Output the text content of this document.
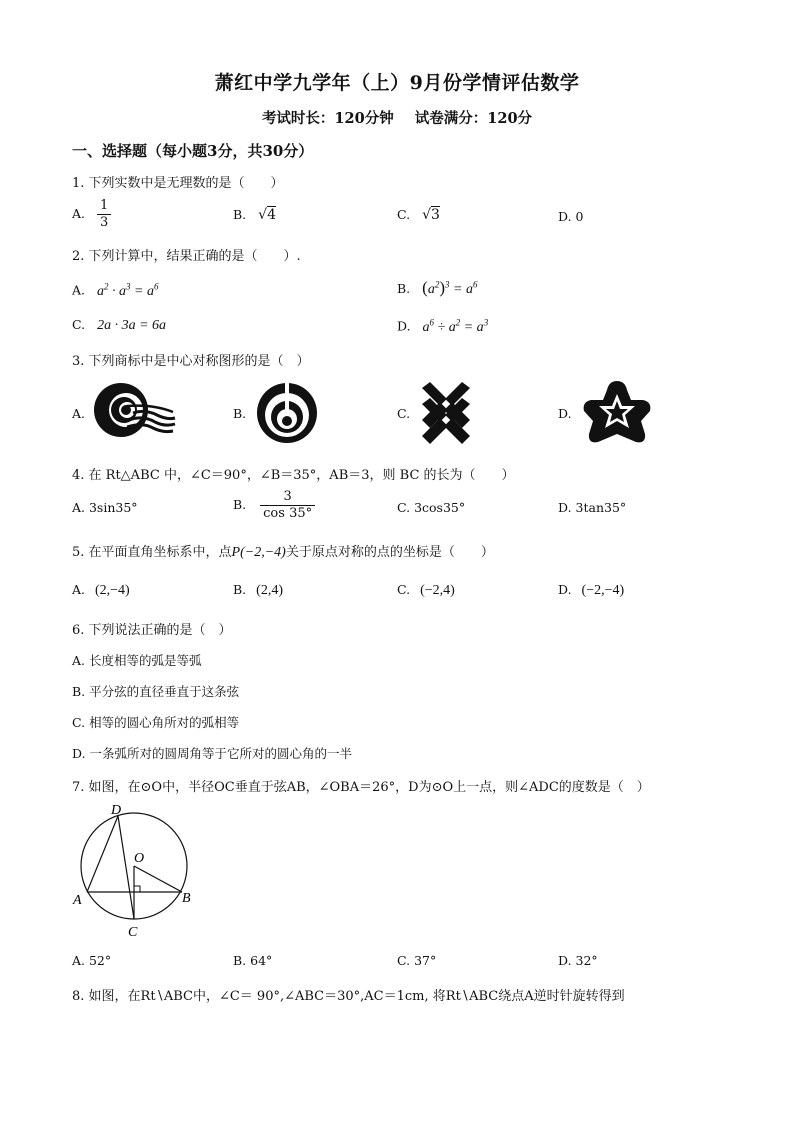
萧红中学九学年（上）9月份学情评估数学
考试时长：120分钟 试卷满分：120分
一、选择题（每小题3分，共30分）
1. 下列实数中是无理数的是（　　）
A. $\frac{1}{3}$	B. √4	C. √3	D. 0
2. 下列计算中，结果正确的是（　　）.
A. $a^2 \cdot a^3 = a^6$	B. $(a^2)^3 = a^6$
C. 2a · 3a = 6a	D. $a^6 \div a^2 = a^3$
3. 下列商标中是中心对称图形的是（　）
A.	B.	C.	D.
4. 在 Rt△ABC 中，∠C＝90°，∠B＝35°，AB＝3，则 BC 的长为（　　）
A. 3sin35°	B. $\frac{3}{\cos 35^\circ}$	C. 3cos35°	D. 3tan35°
5. 在平面直角坐标系中，点P(−2,−4)关于原点对称的点的坐标是（　　）
A. (2,−4)	B. (2,4)	C. (−2,4)	D. (−2,−4)
6. 下列说法正确的是（　）
A. 长度相等的弧是等弧
B. 平分弦的直径垂直于这条弦
C. 相等的圆心角所对的弧相等
D. 一条弧所对的圆周角等于它所对的圆心角的一半
7. 如图，在⊙O中，半径OC垂直于弦AB，∠OBA＝26°，D为⊙O上一点，则∠ADC的度数是（　）
D
O
A	B
C
A. 52°	B. 64°	C. 37°	D. 32°
8. 如图，在Rt∖ABC中，∠C＝ 90°,∠ABC＝30°,AC＝1cm, 将Rt∖ABC绕点A逆时针旋转得到
